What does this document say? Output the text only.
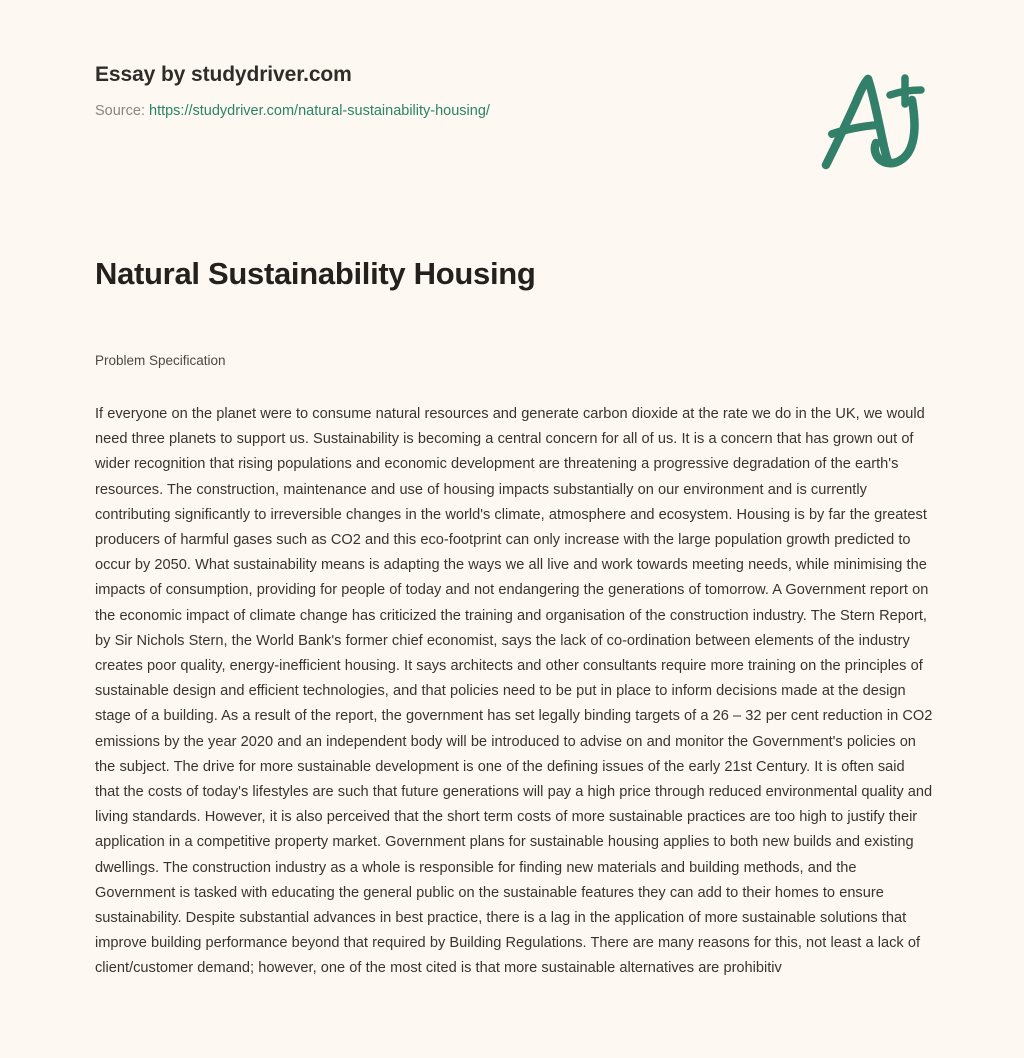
Essay by studydriver.com
Source: https://studydriver.com/natural-sustainability-housing/
Natural Sustainability Housing
Problem Specification

If everyone on the planet were to consume natural resources and generate carbon dioxide at the rate we do in the UK, we would need three planets to support us. Sustainability is becoming a central concern for all of us. It is a concern that has grown out of wider recognition that rising populations and economic development are threatening a progressive degradation of the earth's resources. The construction, maintenance and use of housing impacts substantially on our environment and is currently contributing significantly to irreversible changes in the world's climate, atmosphere and ecosystem. Housing is by far the greatest producers of harmful gases such as CO2 and this eco-footprint can only increase with the large population growth predicted to occur by 2050. What sustainability means is adapting the ways we all live and work towards meeting needs, while minimising the impacts of consumption, providing for people of today and not endangering the generations of tomorrow. A Government report on the economic impact of climate change has criticized the training and organisation of the construction industry. The Stern Report, by Sir Nichols Stern, the World Bank's former chief economist, says the lack of co-ordination between elements of the industry creates poor quality, energy-inefficient housing. It says architects and other consultants require more training on the principles of sustainable design and efficient technologies, and that policies need to be put in place to inform decisions made at the design stage of a building. As a result of the report, the government has set legally binding targets of a 26 – 32 per cent reduction in CO2 emissions by the year 2020 and an independent body will be introduced to advise on and monitor the Government's policies on the subject. The drive for more sustainable development is one of the defining issues of the early 21st Century. It is often said that the costs of today's lifestyles are such that future generations will pay a high price through reduced environmental quality and living standards. However, it is also perceived that the short term costs of more sustainable practices are too high to justify their application in a competitive property market. Government plans for sustainable housing applies to both new builds and existing dwellings. The construction industry as a whole is responsible for finding new materials and building methods, and the Government is tasked with educating the general public on the sustainable features they can add to their homes to ensure sustainability. Despite substantial advances in best practice, there is a lag in the application of more sustainable solutions that improve building performance beyond that required by Building Regulations. There are many reasons for this, not least a lack of client/customer demand; however, one of the most cited is that more sustainable alternatives are prohibitiv
